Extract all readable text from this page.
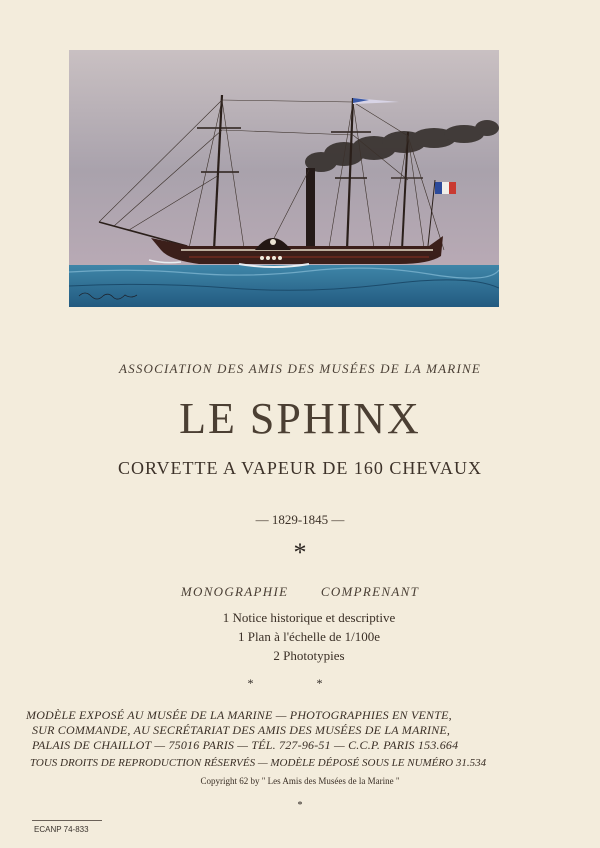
ASSOCIATION DES AMIS DES MUSÉES DE LA MARINE
LE SPHINX
CORVETTE A VAPEUR DE 160 CHEVAUX
— 1829-1845 —
*
MONOGRAPHIE	COMPRENANT
1 Notice historique et descriptive
1 Plan à l'échelle de 1/100e
2 Phototypies
* *
MODÈLE EXPOSÉ AU MUSÉE DE LA MARINE — PHOTOGRAPHIES EN VENTE,
SUR COMMANDE, AU SECRÉTARIAT DES AMIS DES MUSÉES DE LA MARINE,
PALAIS DE CHAILLOT — 75016 PARIS — TÉL. 727-96-51 — C.C.P. PARIS 153.664
TOUS DROITS DE REPRODUCTION RÉSERVÉS — MODÈLE DÉPOSÉ SOUS LE NUMÉRO 31.534
Copyright 62 by " Les Amis des Musées de la Marine "
*
ECANP 74-833
